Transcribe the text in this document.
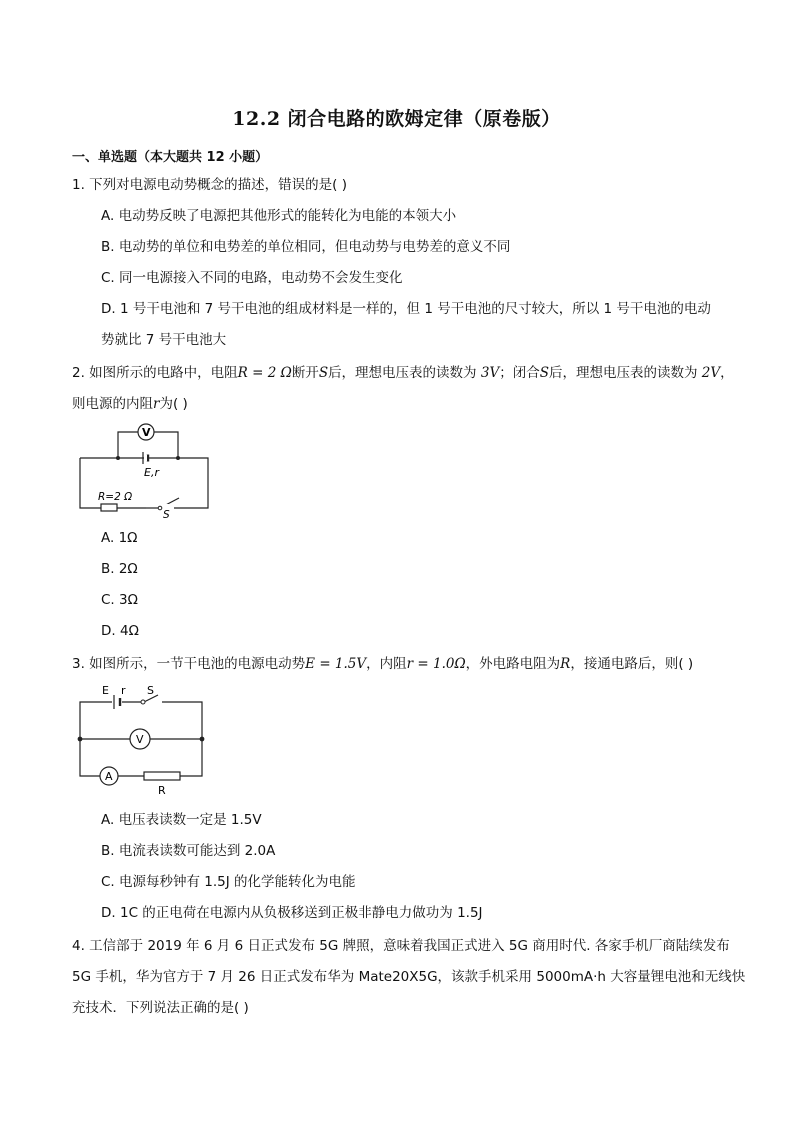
12.2 闭合电路的欧姆定律（原卷版）
一、单选题（本大题共 12 小题）
1. 下列对电源电动势概念的描述，错误的是( )
A. 电动势反映了电源把其他形式的能转化为电能的本领大小
B. 电动势的单位和电势差的单位相同，但电动势与电势差的意义不同
C. 同一电源接入不同的电路，电动势不会发生变化
D. 1 号干电池和 7 号干电池的组成材料是一样的，但 1 号干电池的尺寸较大，所以 1 号干电池的电动
势就比 7 号干电池大
2. 如图所示的电路中，电阻R = 2 Ω断开S后，理想电压表的读数为 3V；闭合S后，理想电压表的读数为 2V，
则电源的内阻r为( )
V
E,r
R=2 Ω
S
A. 1Ω
B. 2Ω
C. 3Ω
D. 4Ω
3. 如图所示，一节干电池的电源电动势E = 1.5V，内阻r = 1.0Ω，外电路电阻为R，接通电路后，则( )
E r S
V
A
R
A. 电压表读数一定是 1.5V
B. 电流表读数可能达到 2.0A
C. 电源每秒钟有 1.5J 的化学能转化为电能
D. 1C 的正电荷在电源内从负极移送到正极非静电力做功为 1.5J
4. 工信部于 2019 年 6 月 6 日正式发布 5G 牌照，意味着我国正式进入 5G 商用时代. 各家手机厂商陆续发布
5G 手机，华为官方于 7 月 26 日正式发布华为 Mate20X5G，该款手机采用 5000mA·h 大容量锂电池和无线快
充技术．下列说法正确的是( )
